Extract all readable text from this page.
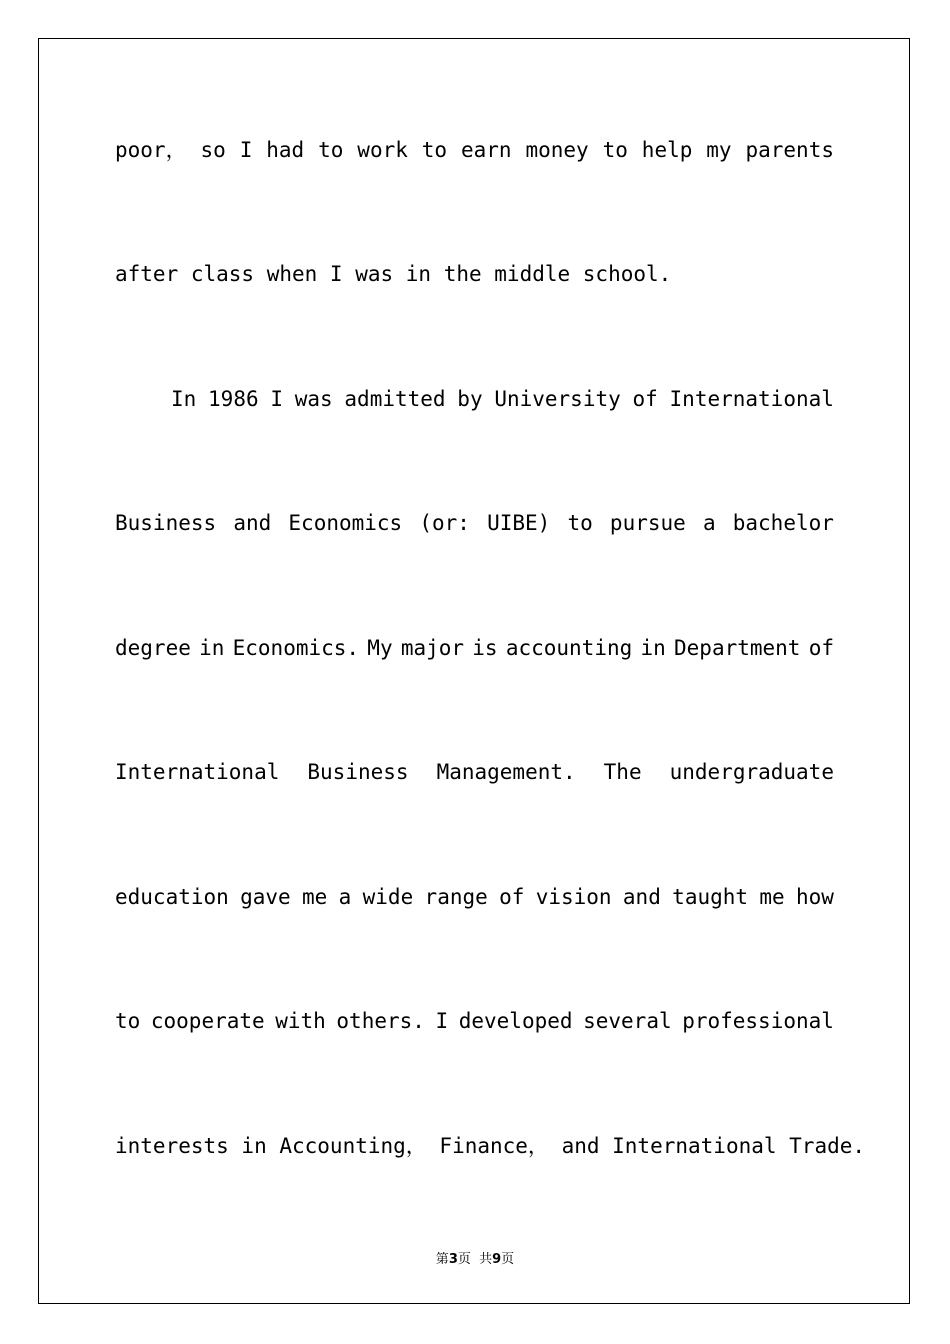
poor， so I had to work to earn money to help my parents
after class when I was in the middle school.
In 1986 I was admitted by University of International
Business and Economics (or: UIBE) to pursue a bachelor
degree in Economics. My major is accounting in Department of
International Business Management. The undergraduate
education gave me a wide range of vision and taught me how
to cooperate with others. I developed several professional
interests in Accounting， Finance， and International Trade.
第3页  共9页
